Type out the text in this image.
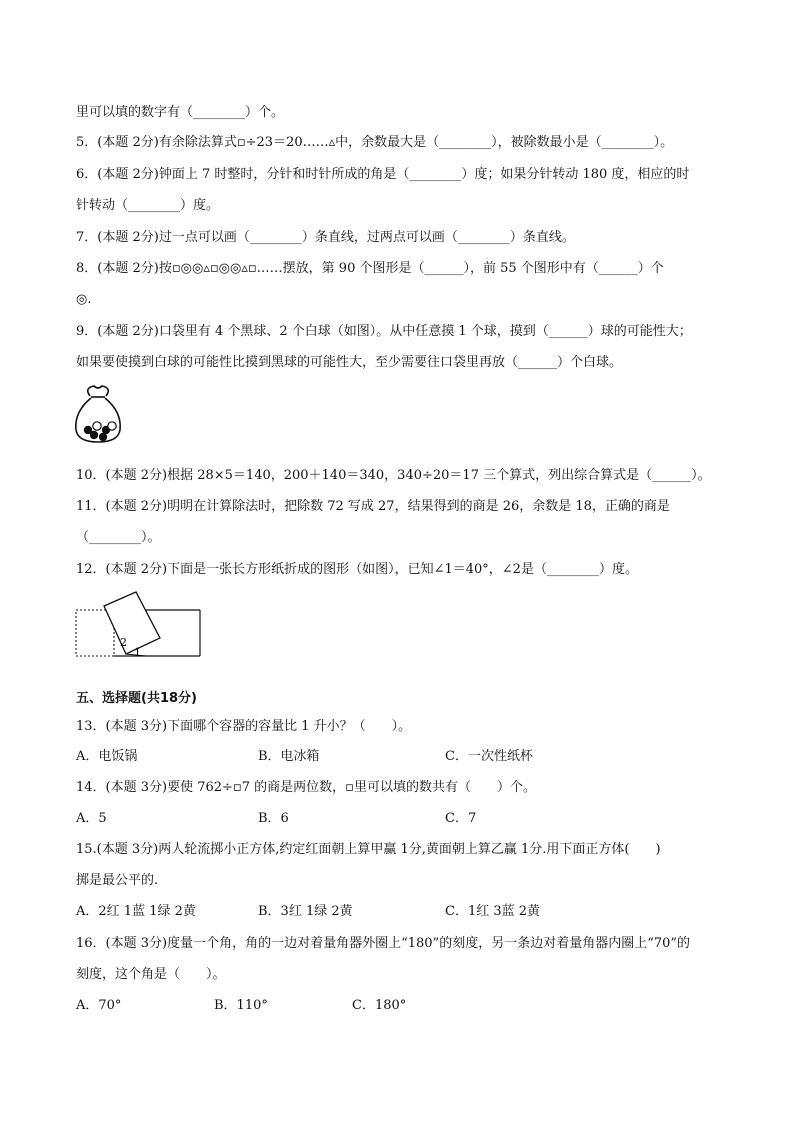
里可以填的数字有（________）个。
5．(本题 2分)有余除法算式▫÷23＝20……▵中，余数最大是（________），被除数最小是（________）。
6．(本题 2分)钟面上 7 时整时，分针和时针所成的角是（________）度；如果分针转动 180 度，相应的时
针转动（________）度。
7．(本题 2分)过一点可以画（________）条直线，过两点可以画（________）条直线。
8．(本题 2分)按▫◎◎▵▫◎◎▵▫……摆放，第 90 个图形是（______），前 55 个图形中有（______）个
◎.
9．(本题 2分)口袋里有 4 个黑球、2 个白球（如图）。从中任意摸 1 个球，摸到（______）球的可能性大；
如果要使摸到白球的可能性比摸到黑球的可能性大，至少需要往口袋里再放（______）个白球。
10．(本题 2分)根据 28×5＝140，200＋140＝340，340÷20＝17 三个算式，列出综合算式是（______）。
11．(本题 2分)明明在计算除法时，把除数 72 写成 27，结果得到的商是 26，余数是 18，正确的商是
（________）。
12．(本题 2分)下面是一张长方形纸折成的图形（如图），已知∠1＝40°，∠2是（________）度。
2
1
五、选择题(共18分)
13．(本题 3分)下面哪个容器的容量比 1 升小？（　　）。
A．电饭锅	B．电冰箱	C．一次性纸杯
14．(本题 3分)要使 762÷▫7 的商是两位数，▫里可以填的数共有（　　）个。
A．5	B．6	C．7
15.(本题 3分)两人轮流掷小正方体,约定红面朝上算甲赢 1分,黄面朝上算乙赢 1分.用下面正方体(　　)
掷是最公平的.
A．2红 1蓝 1绿 2黄	B．3红 1绿 2黄	C．1红 3蓝 2黄
16．(本题 3分)度量一个角，角的一边对着量角器外圈上“180”的刻度，另一条边对着量角器内圈上“70”的
刻度，这个角是（　　）。
A．70°	B．110°	C．180°
